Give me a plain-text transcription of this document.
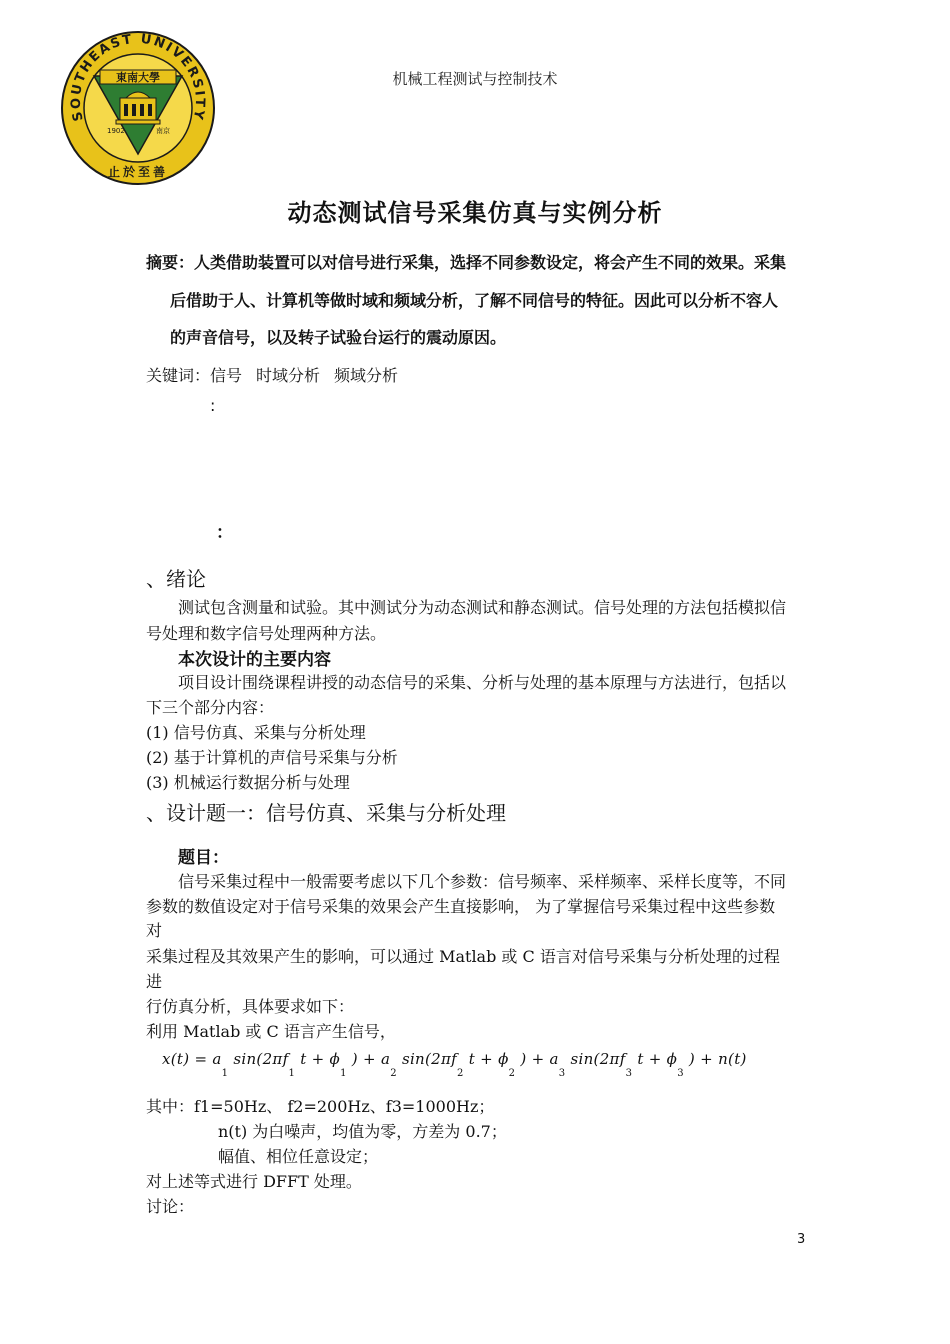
SOUTHEAST UNIVERSITY
東南大學
1902	南京
止於至善
机械工程测试与控制技术
动态测试信号采集仿真与实例分析
摘要：人类借助装置可以对信号进行采集，选择不同参数设定，将会产生不同的效果。采集
后借助于人、计算机等做时域和频域分析，了解不同信号的特征。因此可以分析不容人
的声音信号，以及转子试验台运行的震动原因。
关键词：信号 时域分析 频域分析
:
：
、绪论
测试包含测量和试验。其中测试分为动态测试和静态测试。信号处理的方法包括模拟信
号处理和数字信号处理两种方法。
本次设计的主要内容
项目设计围绕课程讲授的动态信号的采集、分析与处理的基本原理与方法进行，包括以
下三个部分内容：
(1) 信号仿真、采集与分析处理
(2) 基于计算机的声信号采集与分析
(3) 机械运行数据分析与处理
、设计题一：信号仿真、采集与分析处理
题目：
信号采集过程中一般需要考虑以下几个参数：信号频率、采样频率、采样长度等，不同
参数的数值设定对于信号采集的效果会产生直接影响， 为了掌握信号采集过程中这些参数
对
采集过程及其效果产生的影响，可以通过 Matlab 或 C 语言对信号采集与分析处理的过程
进
行仿真分析，具体要求如下：
利用 Matlab 或 C 语言产生信号，
$x(t) = a_1$ $\sin(2\pi f_1$ $t + \phi_1$ ) + $a_2$ $\sin(2\pi f_2$ $t + \phi_2$ ) + $a_3$ $\sin(2\pi f_3$ $t + \phi_3$ ) + n(t)
其中：f1=50Hz、 f2=200Hz、f3=1000Hz；
n(t) 为白噪声，均值为零，方差为 0.7；
幅值、相位任意设定；
对上述等式进行 DFFT 处理。
讨论：
3
